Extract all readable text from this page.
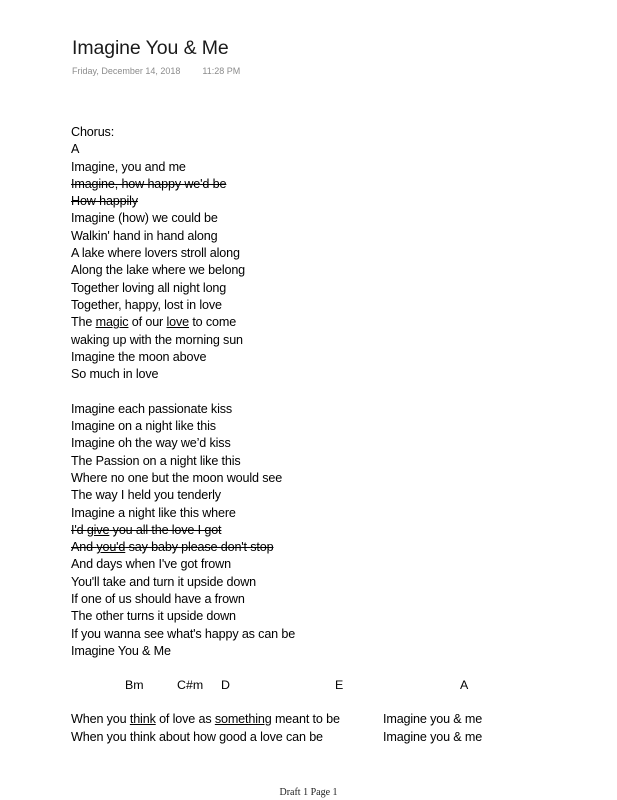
Imagine You & Me
Friday, December 14, 2018 11:28 PM
Chorus:
A
Imagine, you and me
Imagine, how happy we'd be
How happily
Imagine (how) we could be
Walkin' hand in hand along
A lake where lovers stroll along
Along the lake where we belong
Together loving all night long
Together, happy, lost in love
The magic of our love to come
waking up with the morning sun
Imagine the moon above
So much in love
Imagine each passionate kiss
Imagine on a night like this
Imagine oh the way we’d kiss
The Passion on a night like this
Where no one but the moon would see
The way I held you tenderly
Imagine a night like this where
I'd give you all the love I got
And you'd say baby please don't stop
And days when I've got frown
You'll take and turn it upside down
If one of us should have a frown
The other turns it upside down
If you wanna see what's happy as can be
Imagine You & Me
Bm	C#m D	E	A
When you think of love as something meant to be	Imagine you & me
When you think about how good a love can be	Imagine you & me
Draft 1 Page 1
